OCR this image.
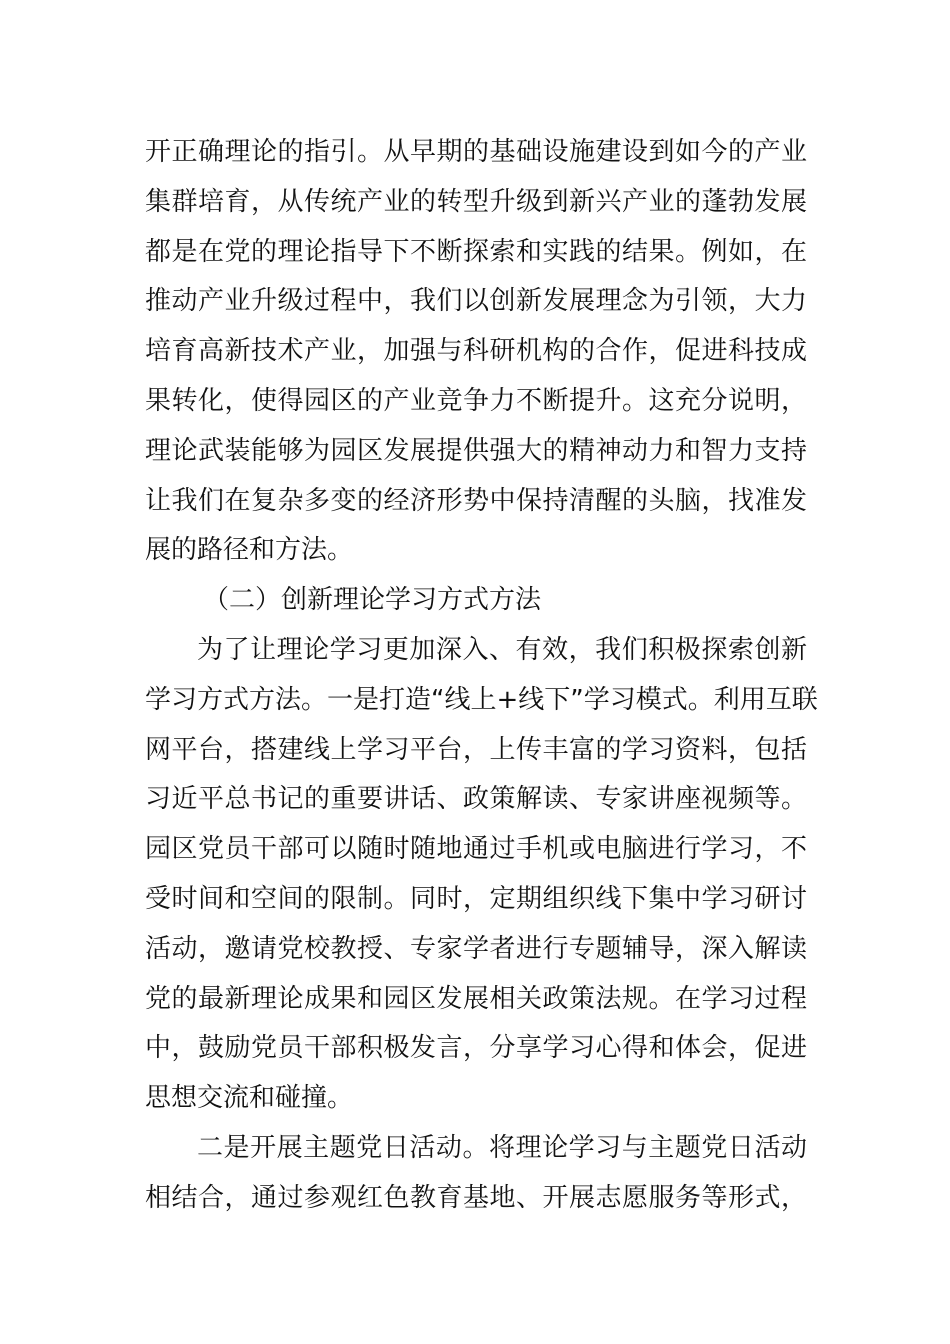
开正确理论的指引。从早期的基础设施建设到如今的产业
集群培育，从传统产业的转型升级到新兴产业的蓬勃发展
都是在党的理论指导下不断探索和实践的结果。例如，在
推动产业升级过程中，我们以创新发展理念为引领，大力
培育高新技术产业，加强与科研机构的合作，促进科技成
果转化，使得园区的产业竞争力不断提升。这充分说明，
理论武装能够为园区发展提供强大的精神动力和智力支持
让我们在复杂多变的经济形势中保持清醒的头脑，找准发
展的路径和方法。
（二）创新理论学习方式方法
为了让理论学习更加深入、有效，我们积极探索创新
学习方式方法。一是打造“线上+线下”学习模式。利用互联
网平台，搭建线上学习平台，上传丰富的学习资料，包括
习近平总书记的重要讲话、政策解读、专家讲座视频等。
园区党员干部可以随时随地通过手机或电脑进行学习，不
受时间和空间的限制。同时，定期组织线下集中学习研讨
活动，邀请党校教授、专家学者进行专题辅导，深入解读
党的最新理论成果和园区发展相关政策法规。在学习过程
中，鼓励党员干部积极发言，分享学习心得和体会，促进
思想交流和碰撞。
二是开展主题党日活动。将理论学习与主题党日活动
相结合，通过参观红色教育基地、开展志愿服务等形式，
